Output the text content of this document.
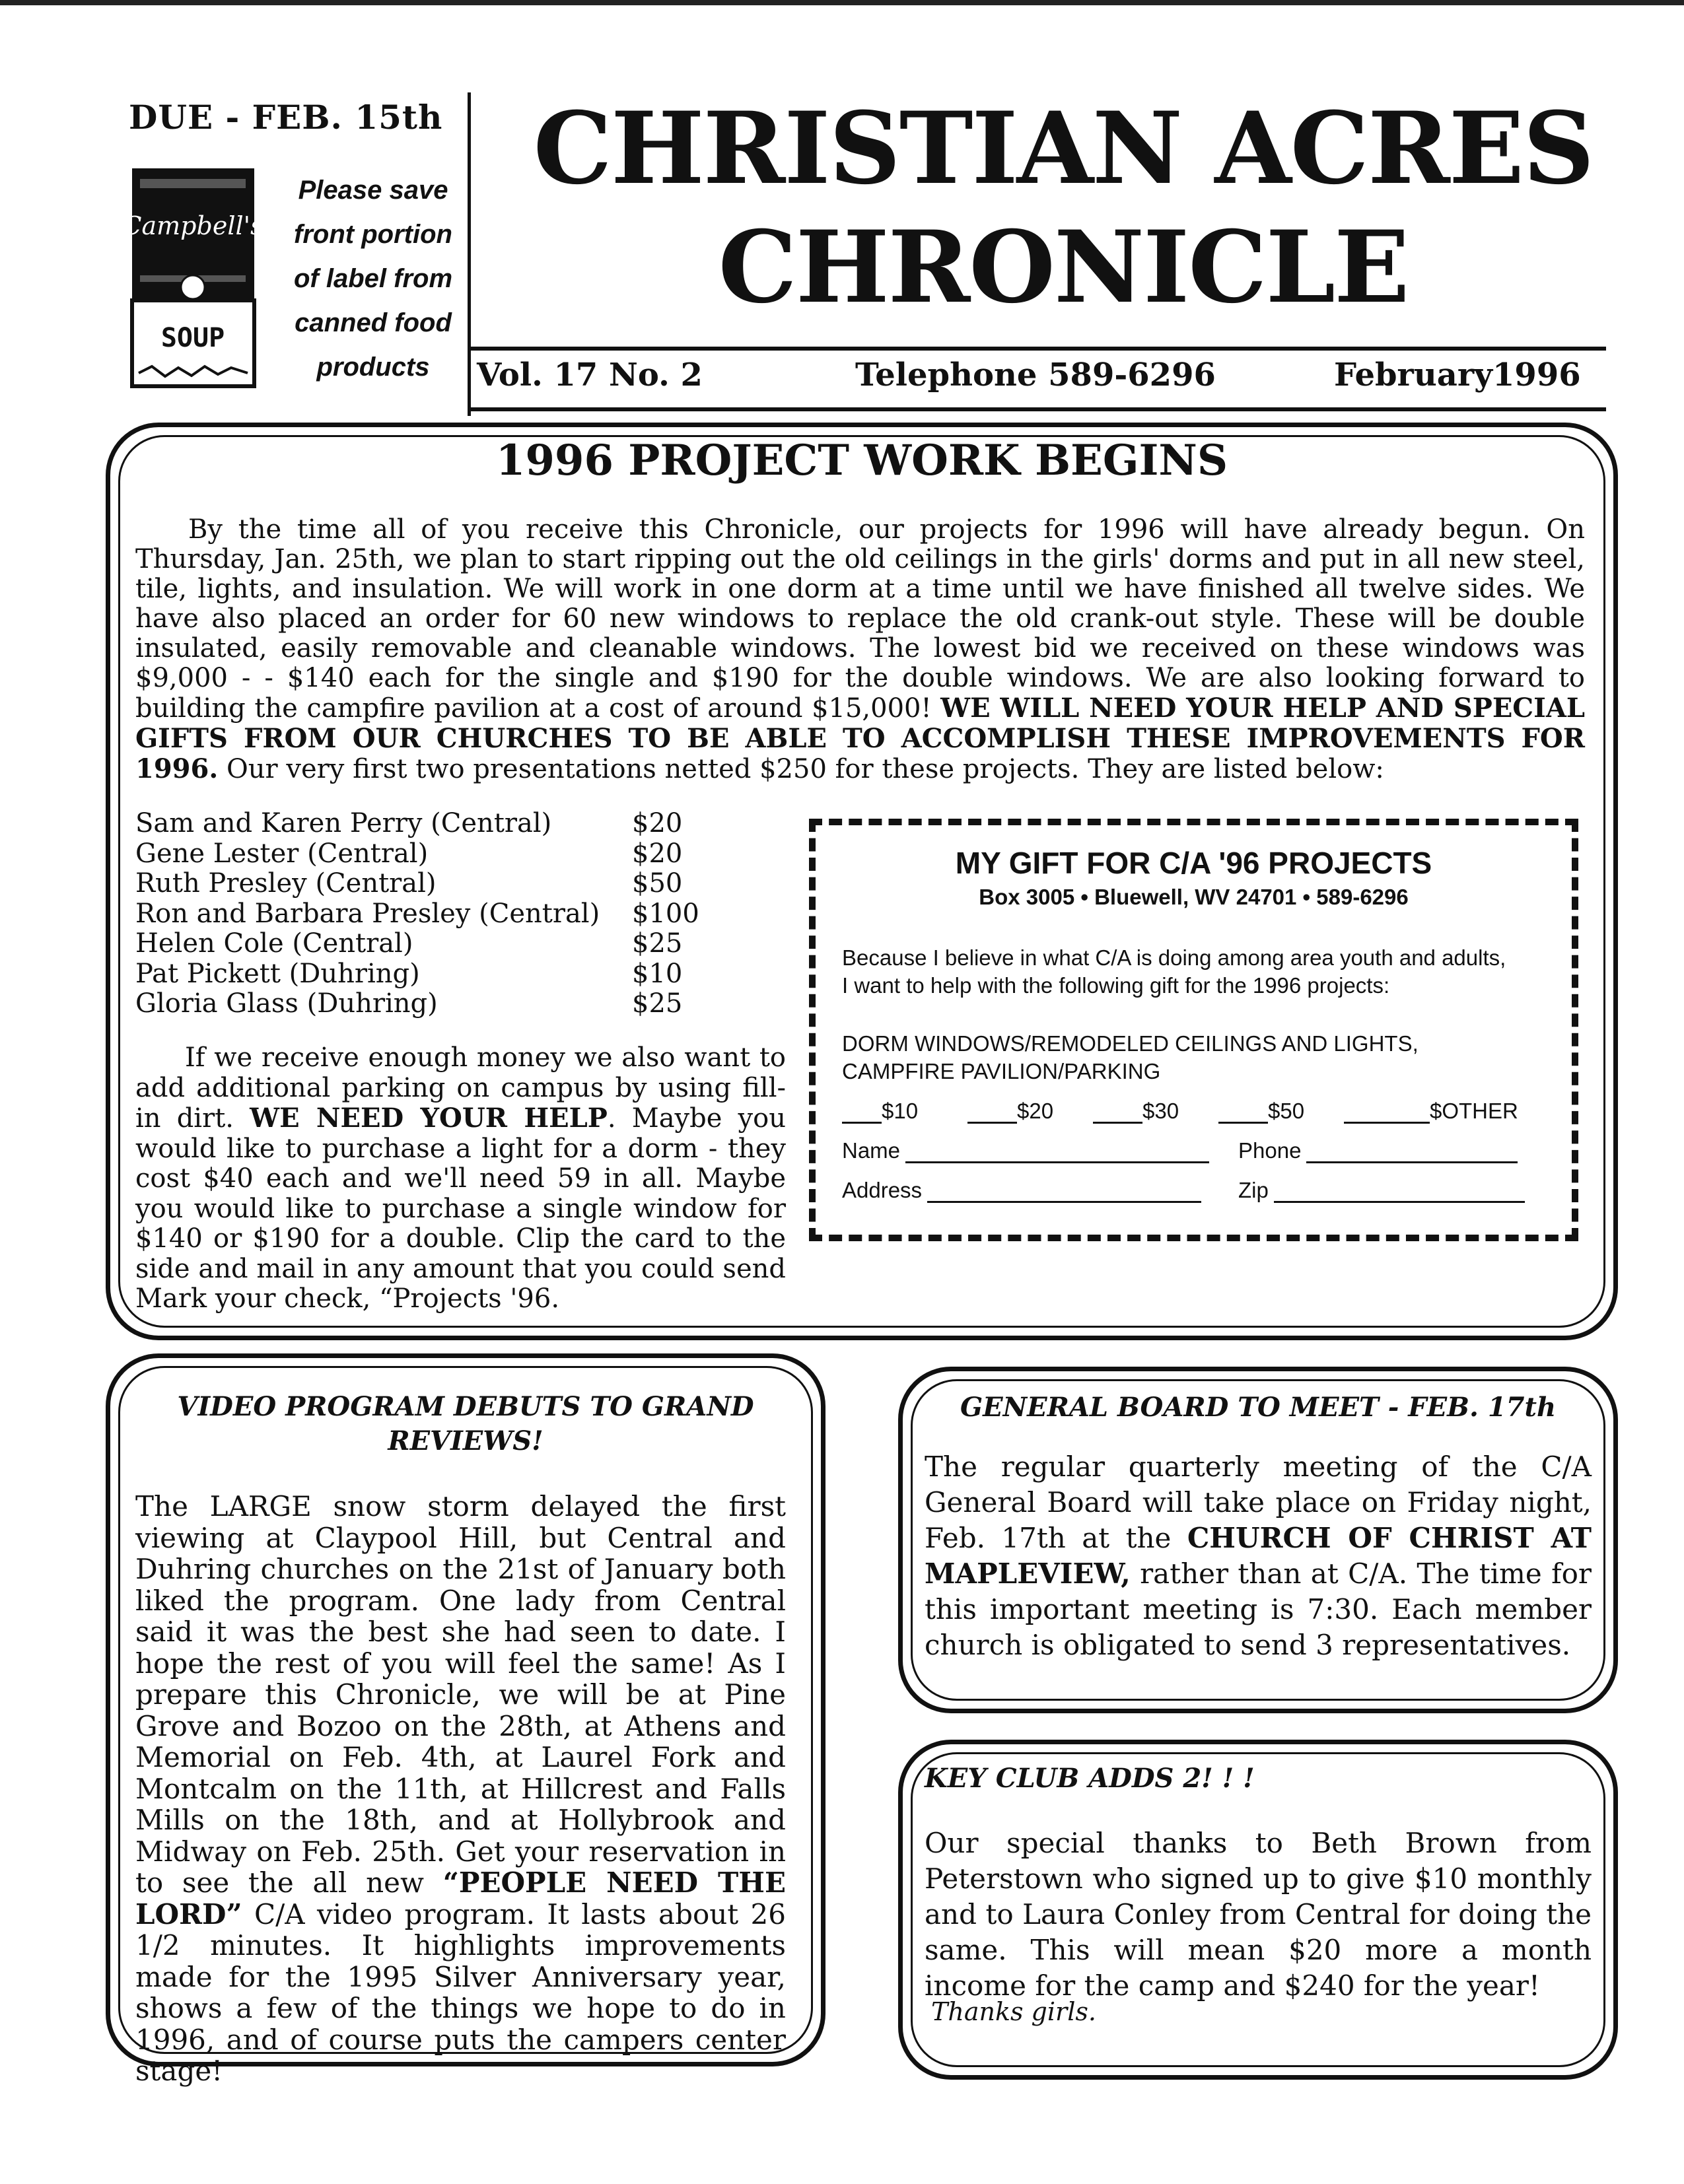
DUE - FEB. 15th
Campbell's
SOUP
Please save
front portion
of label from
canned food
products
CHRISTIAN ACRES
CHRONICLE
Vol. 17 No. 2	Telephone 589-6296	February1996
1996 PROJECT WORK BEGINS

By the time all of you receive this Chronicle, our projects for 1996 will have already begun. On Thursday, Jan. 25th, we plan to start ripping out the old ceilings in the girls' dorms and put in all new steel, tile, lights, and insulation. We will work in one dorm at a time until we have finished all twelve sides. We have also placed an order for 60 new windows to replace the old crank-out style. These will be double insulated, easily removable and cleanable windows. The lowest bid we received on these windows was $9,000 - - $140 each for the single and $190 for the double windows. We are also looking forward to building the campfire pavilion at a cost of around $15,000! WE WILL NEED YOUR HELP AND SPECIAL GIFTS FROM OUR CHURCHES TO BE ABLE TO ACCOMPLISH THESE IMPROVEMENTS FOR 1996. Our very first two presentations netted $250 for these projects. They are listed below:

Sam and Karen Perry (Central)	$20
Gene Lester (Central)	$20
Ruth Presley (Central)	$50
Ron and Barbara Presley (Central) $100
Helen Cole (Central)	$25
Pat Pickett (Duhring)	$10
Gloria Glass (Duhring)	$25

If we receive enough money we also want to add additional parking on campus by using fill-in dirt. WE NEED YOUR HELP. Maybe you would like to purchase a light for a dorm - they cost $40 each and we'll need 59 in all. Maybe you would like to purchase a single window for $140 or $190 for a double. Clip the card to the side and mail in any amount that you could send Mark your check, “Projects '96.

MY GIFT FOR C/A '96 PROJECTS
Box 3005 • Bluewell, WV 24701 • 589-6296
Because I believe in what C/A is doing among area youth and adults,
I want to help with the following gift for the 1996 projects:
DORM WINDOWS/REMODELED CEILINGS AND LIGHTS,
CAMPFIRE PAVILION/PARKING
$10	$20	$30	$50	$OTHER
Name	Phone
Address	Zip
VIDEO PROGRAM DEBUTS TO GRAND
REVIEWS!
The LARGE snow storm delayed the first viewing at Claypool Hill, but Central and Duhring churches on the 21st of January both liked the program. One lady from Central said it was the best she had seen to date. I hope the rest of you will feel the same! As I prepare this Chronicle, we will be at Pine Grove and Bozoo on the 28th, at Athens and Memorial on Feb. 4th, at Laurel Fork and Montcalm on the 11th, at Hillcrest and Falls Mills on the 18th, and at Hollybrook and Midway on Feb. 25th. Get your reservation in to see the all new “PEOPLE NEED THE LORD” C/A video program. It lasts about 26 1/2 minutes. It highlights improvements made for the 1995 Silver Anniversary year, shows a few of the things we hope to do in 1996, and of course puts the campers center stage!
GENERAL BOARD TO MEET - FEB. 17th
The regular quarterly meeting of the C/A General Board will take place on Friday night, Feb. 17th at the CHURCH OF CHRIST AT MAPLEVIEW, rather than at C/A. The time for this important meeting is 7:30. Each member church is obligated to send 3 representatives.
KEY CLUB ADDS 2! ! !
Our special thanks to Beth Brown from Peterstown who signed up to give $10 monthly and to Laura Conley from Central for doing the same. This will mean $20 more a month income for the camp and $240 for the year!
Thanks girls.
